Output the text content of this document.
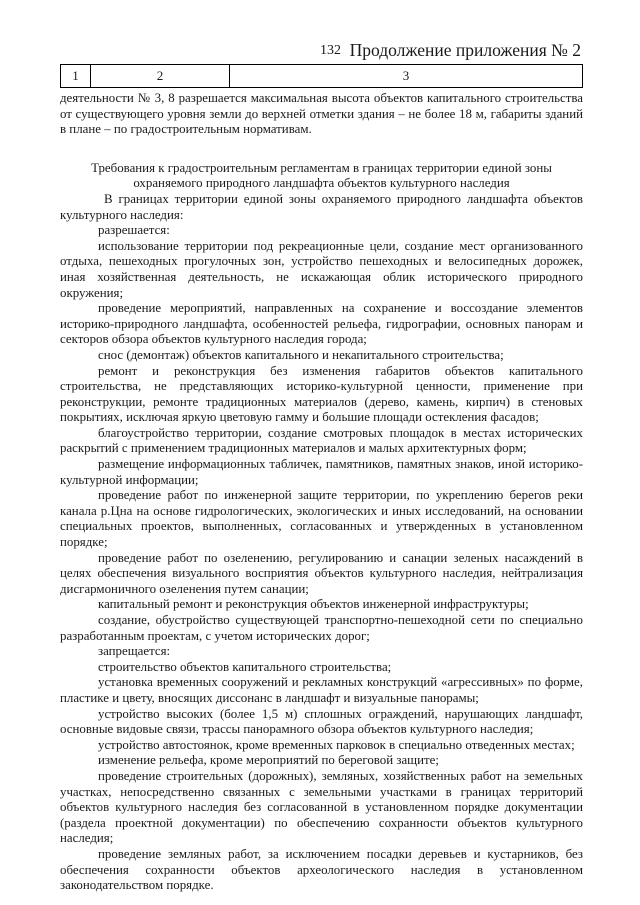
132 Продолжение приложения № 2
1	2	3

деятельности № 3, 8 разрешается максимальная высота объектов капитального строительства от существующего уровня земли до верхней отметки здания – не более 18 м, габариты зданий в плане – по градостроительным нормативам.

Требования к градостроительным регламентам в границах территории единой зоны охраняемого природного ландшафта объектов культурного наследия

В границах территории единой зоны охраняемого природного ландшафта объектов культурного наследия:

разрешается:

использование территории под рекреационные цели, создание мест организованного отдыха, пешеходных прогулочных зон, устройство пешеходных и велосипедных дорожек, иная хозяйственная деятельность, не искажающая облик исторического природного окружения;

проведение мероприятий, направленных на сохранение и воссоздание элементов историко-природного ландшафта, особенностей рельефа, гидрографии, основных панорам и секторов обзора объектов культурного наследия города;

снос (демонтаж) объектов капитального и некапитального строительства;

ремонт и реконструкция без изменения габаритов объектов капитального строительства, не представляющих историко-культурной ценности, применение при реконструкции, ремонте традиционных материалов (дерево, камень, кирпич) в стеновых покрытиях, исключая яркую цветовую гамму и большие площади остекления фасадов;

благоустройство территории, создание смотровых площадок в местах исторических раскрытий с применением традиционных материалов и малых архитектурных форм;

размещение информационных табличек, памятников, памятных знаков, иной историко-культурной информации;

проведение работ по инженерной защите территории, по укреплению берегов реки канала р.Цна на основе гидрологических, экологических и иных исследований, на основании специальных проектов, выполненных, согласованных и утвержденных в установленном порядке;

проведение работ по озеленению, регулированию и санации зеленых насаждений в целях обеспечения визуального восприятия объектов культурного наследия, нейтрализация дисгармоничного озеленения путем санации;

капитальный ремонт и реконструкция объектов инженерной инфраструктуры;

создание, обустройство существующей транспортно-пешеходной сети по специально разработанным проектам, с учетом исторических дорог;

запрещается:

строительство объектов капитального строительства;

установка временных сооружений и рекламных конструкций «агрессивных» по форме, пластике и цвету, вносящих диссонанс в ландшафт и визуальные панорамы;

устройство высоких (более 1,5 м) сплошных ограждений, нарушающих ландшафт, основные видовые связи, трассы панорамного обзора объектов культурного наследия;

устройство автостоянок, кроме временных парковок в специально отведенных местах;

изменение рельефа, кроме мероприятий по береговой защите;

проведение строительных (дорожных), земляных, хозяйственных работ на земельных участках, непосредственно связанных с земельными участками в границах территорий объектов культурного наследия без согласованной в установленном порядке документации (раздела проектной документации) по обеспечению сохранности объектов культурного наследия;

проведение земляных работ, за исключением посадки деревьев и кустарников, без обеспечения сохранности объектов археологического наследия в установленном законодательством порядке.
